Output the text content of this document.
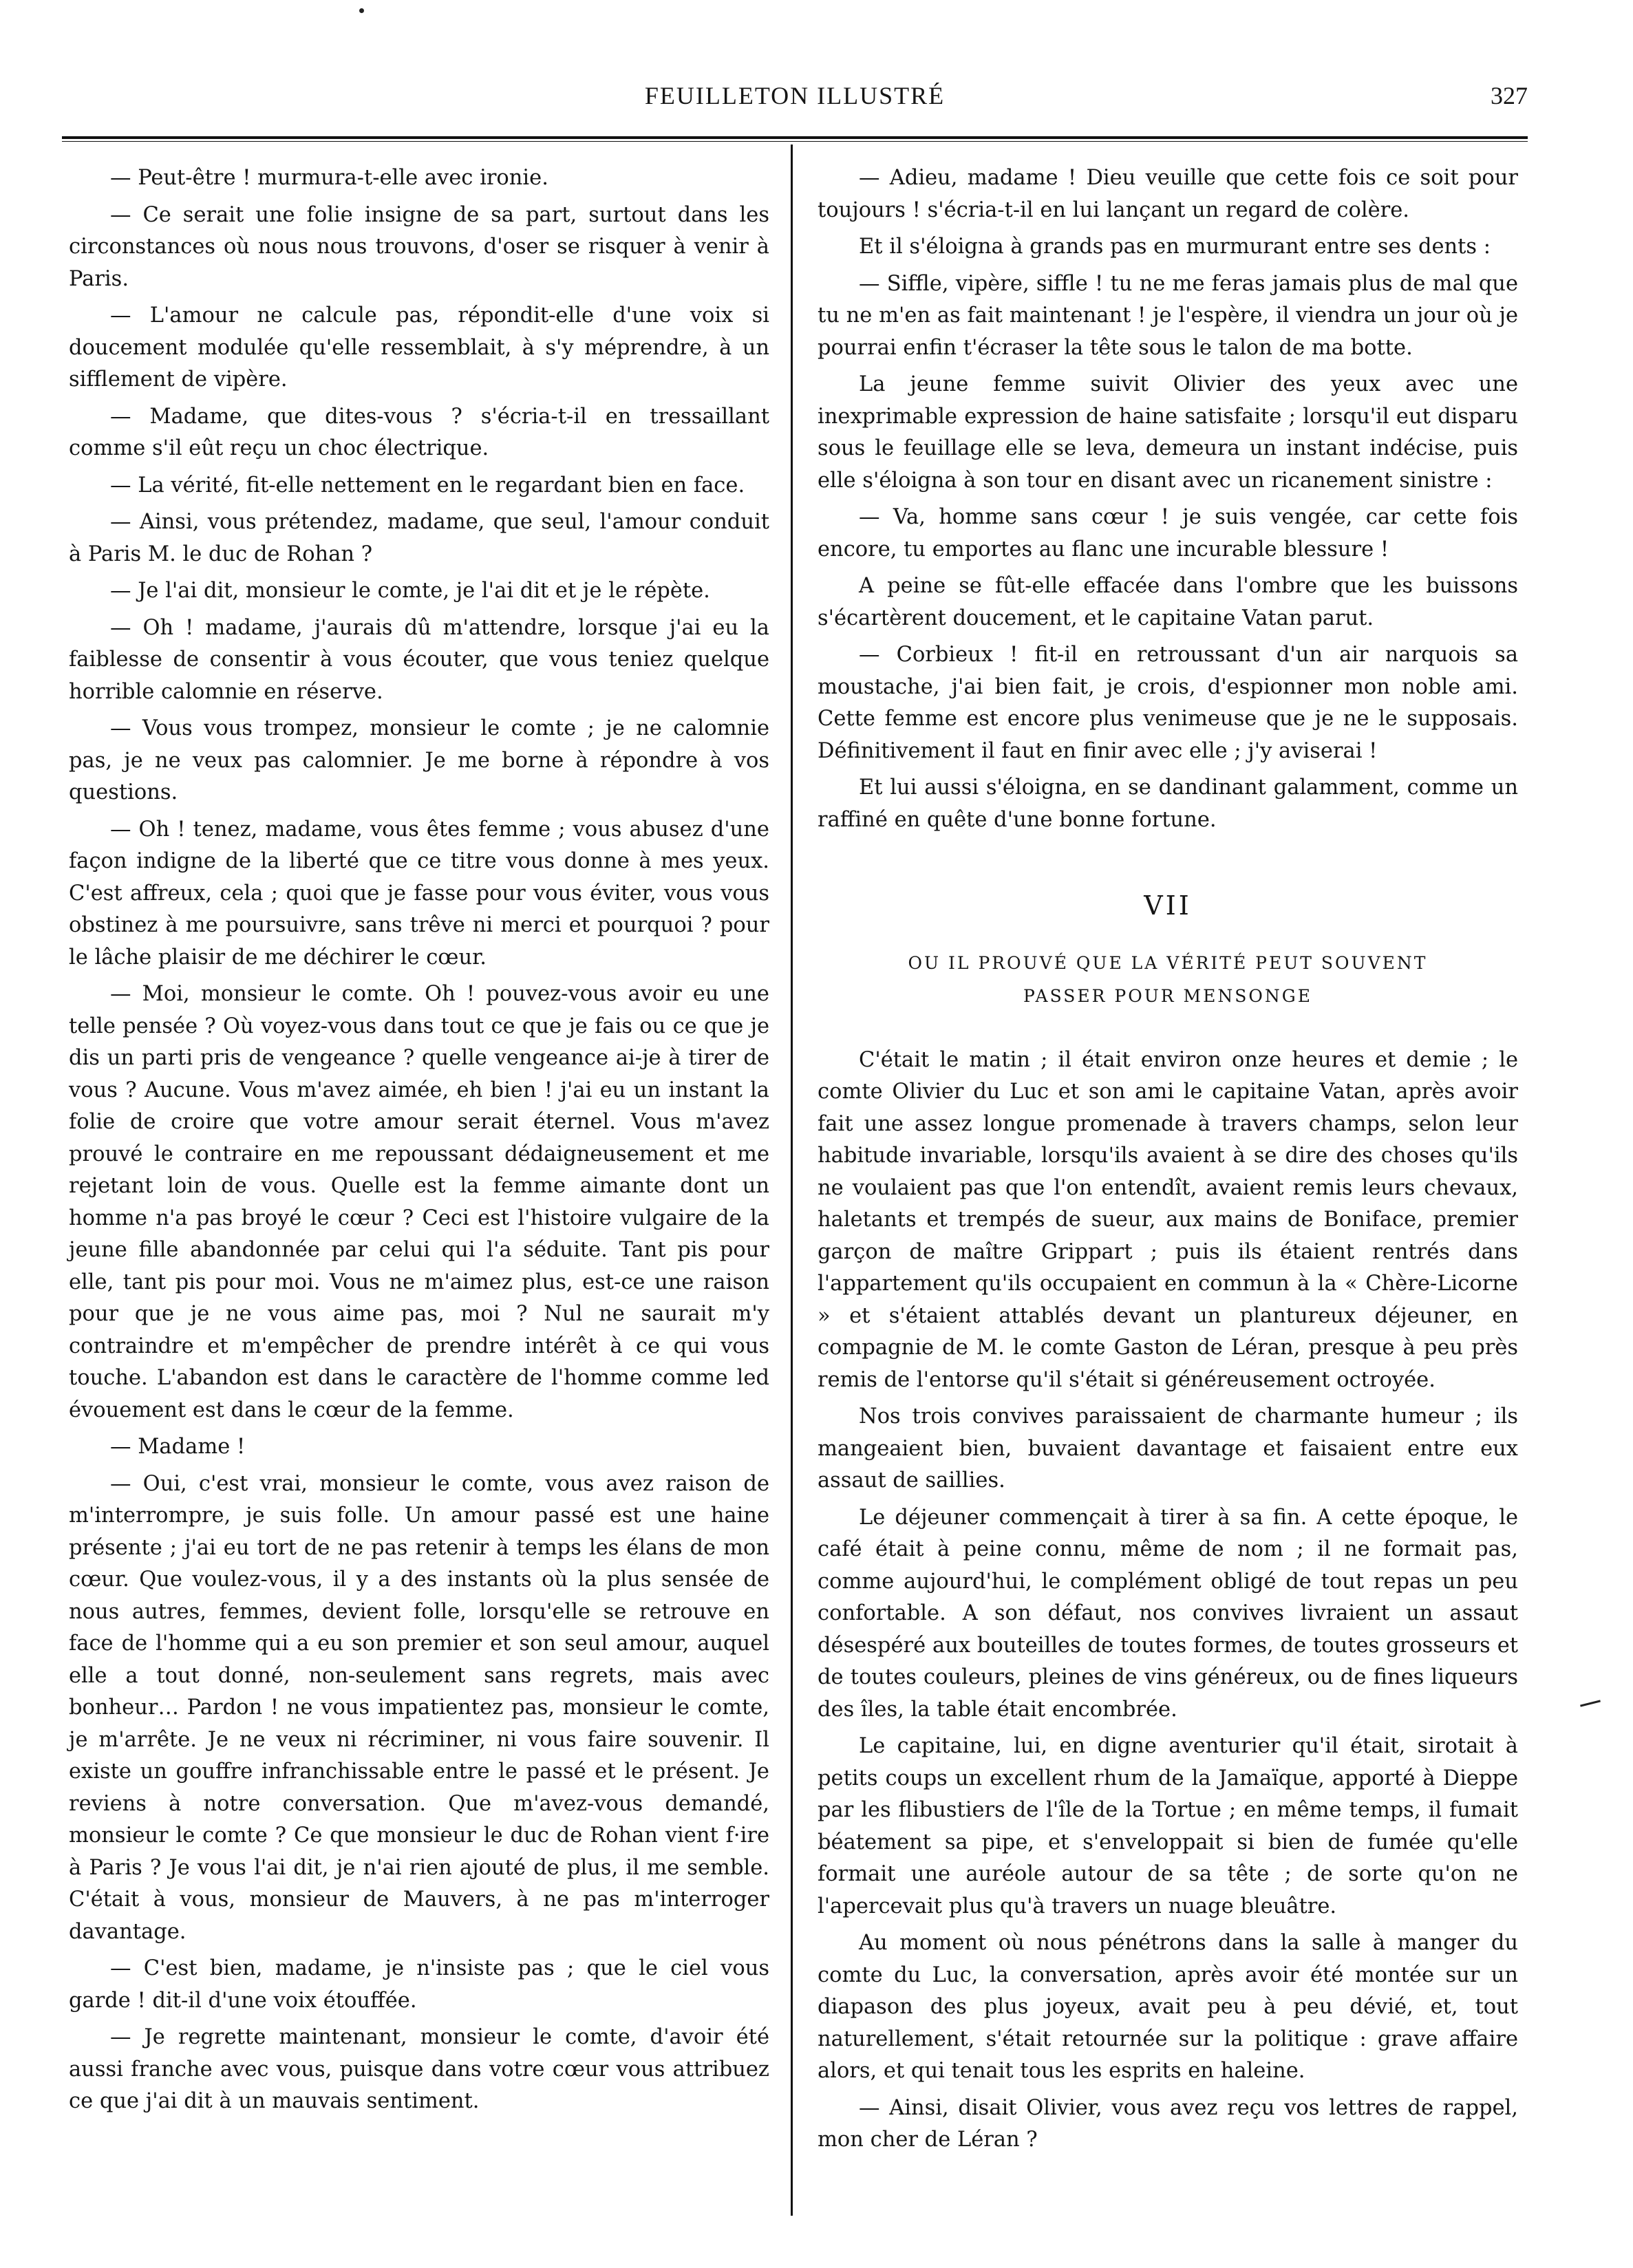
FEUILLETON ILLUSTRÉ	327

— Peut-être ! murmura-t-elle avec ironie.

— Ce serait une folie insigne de sa part, surtout dans les circonstances où nous nous trouvons, d'oser se risquer à venir à Paris.

— L'amour ne calcule pas, répondit-elle d'une voix si doucement modulée qu'elle ressemblait, à s'y méprendre, à un sifflement de vipère.

— Madame, que dites-vous ? s'écria-t-il en tressaillant comme s'il eût reçu un choc électrique.

— La vérité, fit-elle nettement en le regardant bien en face.

— Ainsi, vous prétendez, madame, que seul, l'amour conduit à Paris M. le duc de Rohan ?

— Je l'ai dit, monsieur le comte, je l'ai dit et je le répète.

— Oh ! madame, j'aurais dû m'attendre, lorsque j'ai eu la faiblesse de consentir à vous écouter, que vous teniez quelque horrible calomnie en réserve.

— Vous vous trompez, monsieur le comte ; je ne calomnie pas, je ne veux pas calomnier. Je me borne à répondre à vos questions.

— Oh ! tenez, madame, vous êtes femme ; vous abusez d'une façon indigne de la liberté que ce titre vous donne à mes yeux. C'est affreux, cela ; quoi que je fasse pour vous éviter, vous vous obstinez à me poursuivre, sans trêve ni merci et pourquoi ? pour le lâche plaisir de me déchirer le cœur.

— Moi, monsieur le comte. Oh ! pouvez-vous avoir eu une telle pensée ? Où voyez-vous dans tout ce que je fais ou ce que je dis un parti pris de vengeance ? quelle vengeance ai-je à tirer de vous ? Aucune. Vous m'avez aimée, eh bien ! j'ai eu un instant la folie de croire que votre amour serait éternel. Vous m'avez prouvé le contraire en me repoussant dédaigneusement et me rejetant loin de vous. Quelle est la femme aimante dont un homme n'a pas broyé le cœur ? Ceci est l'histoire vulgaire de la jeune fille abandonnée par celui qui l'a séduite. Tant pis pour elle, tant pis pour moi. Vous ne m'aimez plus, est-ce une raison pour que je ne vous aime pas, moi ? Nul ne saurait m'y contraindre et m'empêcher de prendre intérêt à ce qui vous touche. L'abandon est dans le caractère de l'homme comme led évouement est dans le cœur de la femme.

— Madame !

— Oui, c'est vrai, monsieur le comte, vous avez raison de m'interrompre, je suis folle. Un amour passé est une haine présente ; j'ai eu tort de ne pas retenir à temps les élans de mon cœur. Que voulez-vous, il y a des instants où la plus sensée de nous autres, femmes, devient folle, lorsqu'elle se retrouve en face de l'homme qui a eu son premier et son seul amour, auquel elle a tout donné, non-seulement sans regrets, mais avec bonheur… Pardon ! ne vous impatientez pas, monsieur le comte, je m'arrête. Je ne veux ni récriminer, ni vous faire souvenir. Il existe un gouffre infranchissable entre le passé et le présent. Je reviens à notre conversation. Que m'avez-vous demandé, monsieur le comte ? Ce que monsieur le duc de Rohan vient f·ire à Paris ? Je vous l'ai dit, je n'ai rien ajouté de plus, il me semble. C'était à vous, monsieur de Mauvers, à ne pas m'interroger davantage.

— C'est bien, madame, je n'insiste pas ; que le ciel vous garde ! dit-il d'une voix étouffée.

— Je regrette maintenant, monsieur le comte, d'avoir été aussi franche avec vous, puisque dans votre cœur vous attribuez ce que j'ai dit à un mauvais sentiment.

— Adieu, madame ! Dieu veuille que cette fois ce soit pour toujours ! s'écria-t-il en lui lançant un regard de colère.

Et il s'éloigna à grands pas en murmurant entre ses dents :

— Siffle, vipère, siffle ! tu ne me feras jamais plus de mal que tu ne m'en as fait maintenant ! je l'espère, il viendra un jour où je pourrai enfin t'écraser la tête sous le talon de ma botte.

La jeune femme suivit Olivier des yeux avec une inexprimable expression de haine satisfaite ; lorsqu'il eut disparu sous le feuillage elle se leva, demeura un instant indécise, puis elle s'éloigna à son tour en disant avec un ricanement sinistre :

— Va, homme sans cœur ! je suis vengée, car cette fois encore, tu emportes au flanc une incurable blessure !

A peine se fût-elle effacée dans l'ombre que les buissons s'écartèrent doucement, et le capitaine Vatan parut.

— Corbieux ! fit-il en retroussant d'un air narquois sa moustache, j'ai bien fait, je crois, d'espionner mon noble ami. Cette femme est encore plus venimeuse que je ne le supposais. Définitivement il faut en finir avec elle ; j'y aviserai !

Et lui aussi s'éloigna, en se dandinant galamment, comme un raffiné en quête d'une bonne fortune.

VII
OU IL PROUVÉ QUE LA VÉRITÉ PEUT SOUVENT PASSER POUR MENSONGE

C'était le matin ; il était environ onze heures et demie ; le comte Olivier du Luc et son ami le capitaine Vatan, après avoir fait une assez longue promenade à travers champs, selon leur habitude invariable, lorsqu'ils avaient à se dire des choses qu'ils ne voulaient pas que l'on entendît, avaient remis leurs chevaux, haletants et trempés de sueur, aux mains de Boniface, premier garçon de maître Grippart ; puis ils étaient rentrés dans l'appartement qu'ils occupaient en commun à la « Chère-Licorne » et s'étaient attablés devant un plantureux déjeuner, en compagnie de M. le comte Gaston de Léran, presque à peu près remis de l'entorse qu'il s'était si généreusement octroyée.

Nos trois convives paraissaient de charmante humeur ; ils mangeaient bien, buvaient davantage et faisaient entre eux assaut de saillies.

Le déjeuner commençait à tirer à sa fin. A cette époque, le café était à peine connu, même de nom ; il ne formait pas, comme aujourd'hui, le complément obligé de tout repas un peu confortable. A son défaut, nos convives livraient un assaut désespéré aux bouteilles de toutes formes, de toutes grosseurs et de toutes couleurs, pleines de vins généreux, ou de fines liqueurs des îles, la table était encombrée.

Le capitaine, lui, en digne aventurier qu'il était, sirotait à petits coups un excellent rhum de la Jamaïque, apporté à Dieppe par les flibustiers de l'île de la Tortue ; en même temps, il fumait béatement sa pipe, et s'enveloppait si bien de fumée qu'elle formait une auréole autour de sa tête ; de sorte qu'on ne l'apercevait plus qu'à travers un nuage bleuâtre.

Au moment où nous pénétrons dans la salle à manger du comte du Luc, la conversation, après avoir été montée sur un diapason des plus joyeux, avait peu à peu dévié, et, tout naturellement, s'était retournée sur la politique : grave affaire alors, et qui tenait tous les esprits en haleine.

— Ainsi, disait Olivier, vous avez reçu vos lettres de rappel, mon cher de Léran ?
